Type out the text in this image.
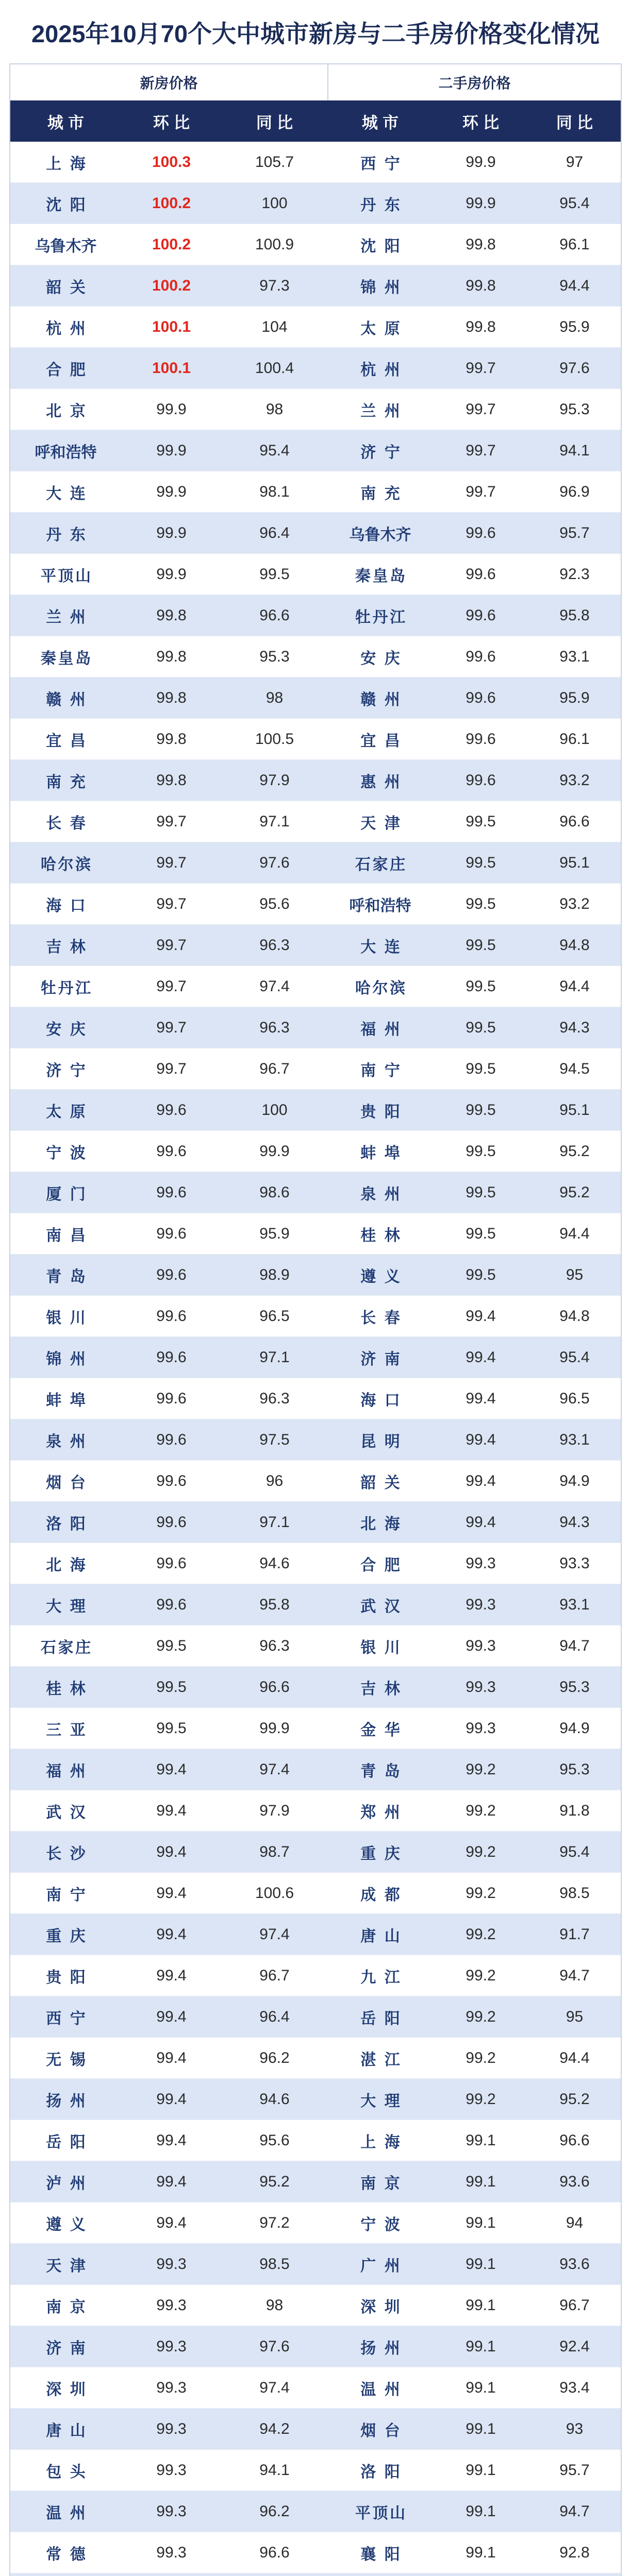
2025年10月70个大中城市新房与二手房价格变化情况
新房价格	二手房价格
城市	环比	同比	城市	环比	同比
上海	100.3	105.7	西宁	99.9	97
沈阳	100.2	100	丹东	99.9	95.4
乌鲁木齐	100.2	100.9	沈阳	99.8	96.1
韶关	100.2	97.3	锦州	99.8	94.4
杭州	100.1	104	太原	99.8	95.9
合肥	100.1	100.4	杭州	99.7	97.6
北京	99.9	98	兰州	99.7	95.3
呼和浩特	99.9	95.4	济宁	99.7	94.1
大连	99.9	98.1	南充	99.7	96.9
丹东	99.9	96.4	乌鲁木齐	99.6	95.7
平顶山	99.9	99.5	秦皇岛	99.6	92.3
兰州	99.8	96.6	牡丹江	99.6	95.8
秦皇岛	99.8	95.3	安庆	99.6	93.1
赣州	99.8	98	赣州	99.6	95.9
宜昌	99.8	100.5	宜昌	99.6	96.1
南充	99.8	97.9	惠州	99.6	93.2
长春	99.7	97.1	天津	99.5	96.6
哈尔滨	99.7	97.6	石家庄	99.5	95.1
海口	99.7	95.6	呼和浩特	99.5	93.2
吉林	99.7	96.3	大连	99.5	94.8
牡丹江	99.7	97.4	哈尔滨	99.5	94.4
安庆	99.7	96.3	福州	99.5	94.3
济宁	99.7	96.7	南宁	99.5	94.5
太原	99.6	100	贵阳	99.5	95.1
宁波	99.6	99.9	蚌埠	99.5	95.2
厦门	99.6	98.6	泉州	99.5	95.2
南昌	99.6	95.9	桂林	99.5	94.4
青岛	99.6	98.9	遵义	99.5	95
银川	99.6	96.5	长春	99.4	94.8
锦州	99.6	97.1	济南	99.4	95.4
蚌埠	99.6	96.3	海口	99.4	96.5
泉州	99.6	97.5	昆明	99.4	93.1
烟台	99.6	96	韶关	99.4	94.9
洛阳	99.6	97.1	北海	99.4	94.3
北海	99.6	94.6	合肥	99.3	93.3
大理	99.6	95.8	武汉	99.3	93.1
石家庄	99.5	96.3	银川	99.3	94.7
桂林	99.5	96.6	吉林	99.3	95.3
三亚	99.5	99.9	金华	99.3	94.9
福州	99.4	97.4	青岛	99.2	95.3
武汉	99.4	97.9	郑州	99.2	91.8
长沙	99.4	98.7	重庆	99.2	95.4
南宁	99.4	100.6	成都	99.2	98.5
重庆	99.4	97.4	唐山	99.2	91.7
贵阳	99.4	96.7	九江	99.2	94.7
西宁	99.4	96.4	岳阳	99.2	95
无锡	99.4	96.2	湛江	99.2	94.4
扬州	99.4	94.6	大理	99.2	95.2
岳阳	99.4	95.6	上海	99.1	96.6
泸州	99.4	95.2	南京	99.1	93.6
遵义	99.4	97.2	宁波	99.1	94
天津	99.3	98.5	广州	99.1	93.6
南京	99.3	98	深圳	99.1	96.7
济南	99.3	97.6	扬州	99.1	92.4
深圳	99.3	97.4	温州	99.1	93.4
唐山	99.3	94.2	烟台	99.1	93
包头	99.3	94.1	洛阳	99.1	95.7
温州	99.3	96.2	平顶山	99.1	94.7
常德	99.3	96.6	襄阳	99.1	92.8
